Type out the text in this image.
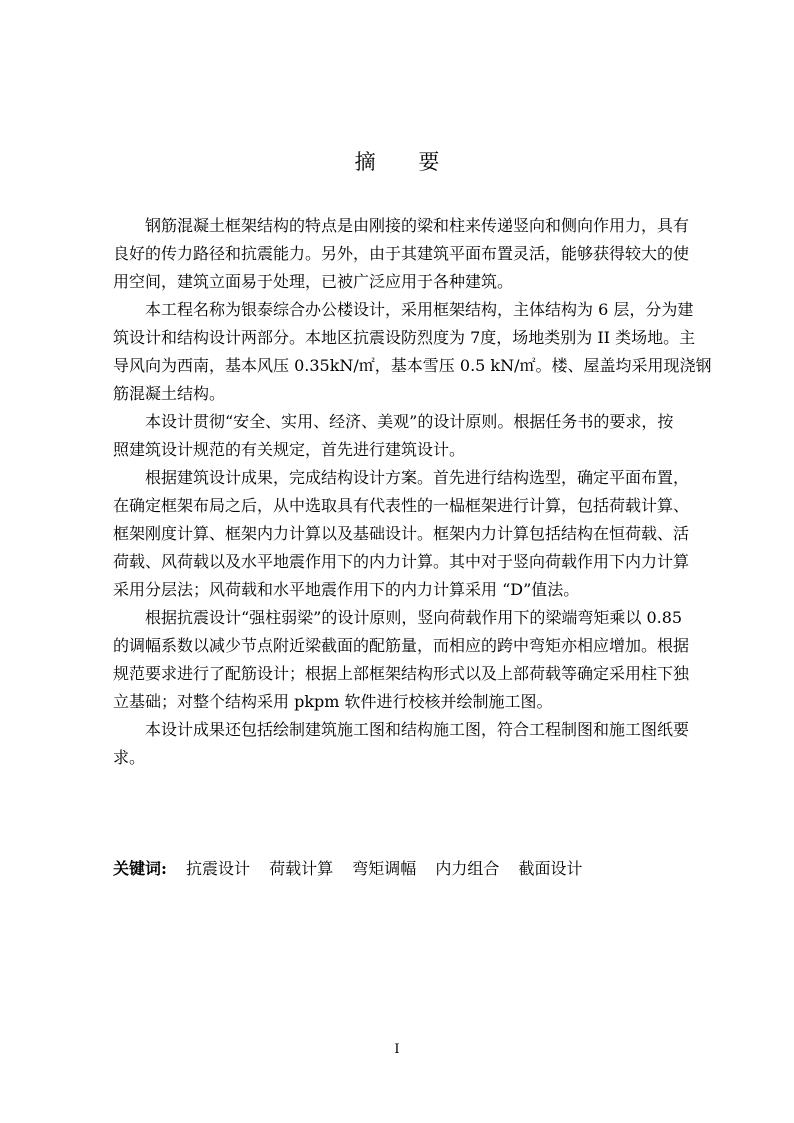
摘 要

钢筋混凝土框架结构的特点是由刚接的梁和柱来传递竖向和侧向作用力，具有
良好的传力路径和抗震能力。另外，由于其建筑平面布置灵活，能够获得较大的使
用空间，建筑立面易于处理，已被广泛应用于各种建筑。

本工程名称为银泰综合办公楼设计，采用框架结构，主体结构为 6 层，分为建
筑设计和结构设计两部分。本地区抗震设防烈度为 7度，场地类别为 II 类场地。主
导风向为西南，基本风压 0.35kN/㎡，基本雪压 0.5 kN/㎡。楼、屋盖均采用现浇钢
筋混凝土结构。

本设计贯彻“安全、实用、经济、美观”的设计原则。根据任务书的要求，按
照建筑设计规范的有关规定，首先进行建筑设计。

根据建筑设计成果，完成结构设计方案。首先进行结构选型，确定平面布置，
在确定框架布局之后，从中选取具有代表性的一榀框架进行计算，包括荷载计算、
框架刚度计算、框架内力计算以及基础设计。框架内力计算包括结构在恒荷载、活
荷载、风荷载以及水平地震作用下的内力计算。其中对于竖向荷载作用下内力计算
采用分层法；风荷载和水平地震作用下的内力计算采用 “D”值法。

根据抗震设计“强柱弱梁”的设计原则，竖向荷载作用下的梁端弯矩乘以 0.85
的调幅系数以减少节点附近梁截面的配筋量，而相应的跨中弯矩亦相应增加。根据
规范要求进行了配筋设计；根据上部框架结构形式以及上部荷载等确定采用柱下独
立基础；对整个结构采用 pkpm 软件进行校核并绘制施工图。

本设计成果还包括绘制建筑施工图和结构施工图，符合工程制图和施工图纸要
求。

关键词: 抗震设计 荷载计算 弯矩调幅 内力组合 截面设计
I
